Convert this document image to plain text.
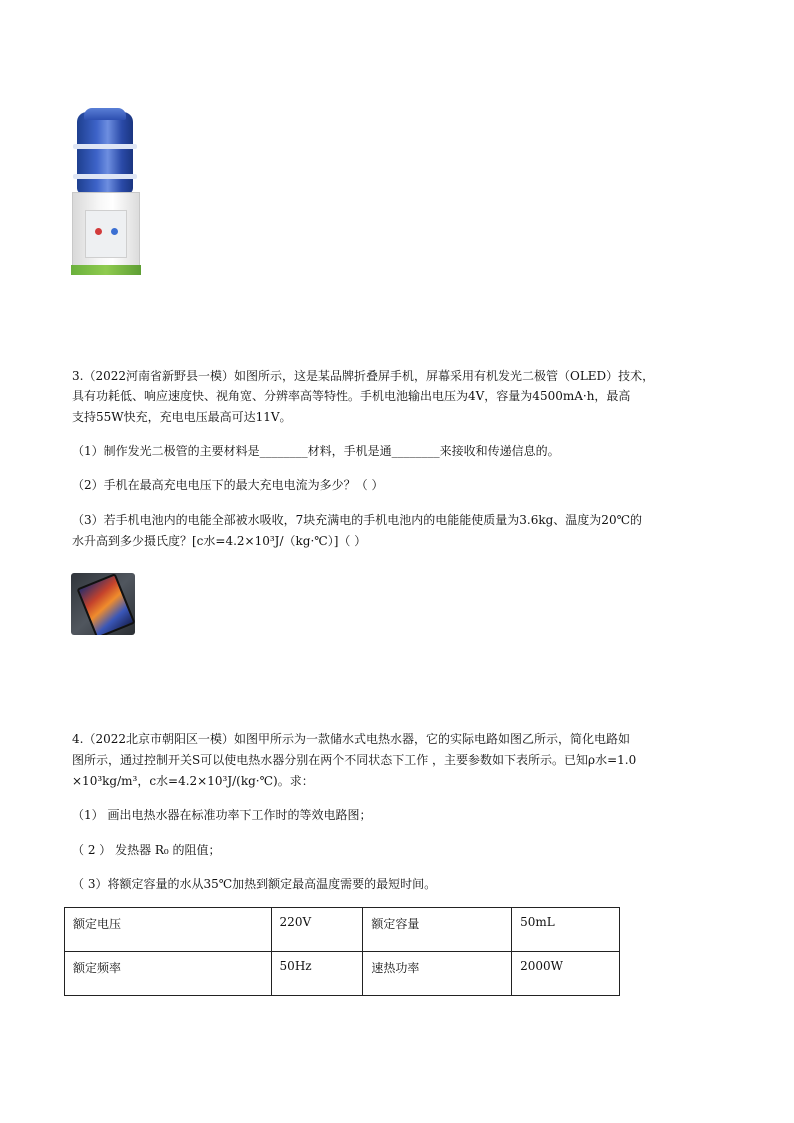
3.（2022河南省新野县一模）如图所示，这是某品牌折叠屏手机，屏幕采用有机发光二极管（OLED）技术，
具有功耗低、响应速度快、视角宽、分辨率高等特性。手机电池输出电压为4V，容量为4500mA·h，最高
支持55W快充，充电电压最高可达11V。
（1）制作发光二极管的主要材料是________材料，手机是通________来接收和传递信息的。
（2）手机在最高充电电压下的最大充电电流为多少？（ ）
（3）若手机电池内的电能全部被水吸收，7块充满电的手机电池内的电能能使质量为3.6kg、温度为20℃的
水升高到多少摄氏度？[c水=4.2×10³J/（kg·℃）]（ ）
4.（2022北京市朝阳区一模）如图甲所示为一款储水式电热水器，它的实际电路如图乙所示，简化电路如
图所示，通过控制开关S可以使电热水器分别在两个不同状态下工作 ，主要参数如下表所示。已知ρ水=1.0
×10³kg/m³，c水=4.2×10³J/(kg·℃)。求：
（1） 画出电热水器在标准功率下工作时的等效电路图；
（ 2 ） 发热器 R₀ 的阻值；
（ 3）将额定容量的水从35℃加热到额定最高温度需要的最短时间。
额定电压	220V	额定容量	50mL
额定频率	50Hz	速热功率	2000W
